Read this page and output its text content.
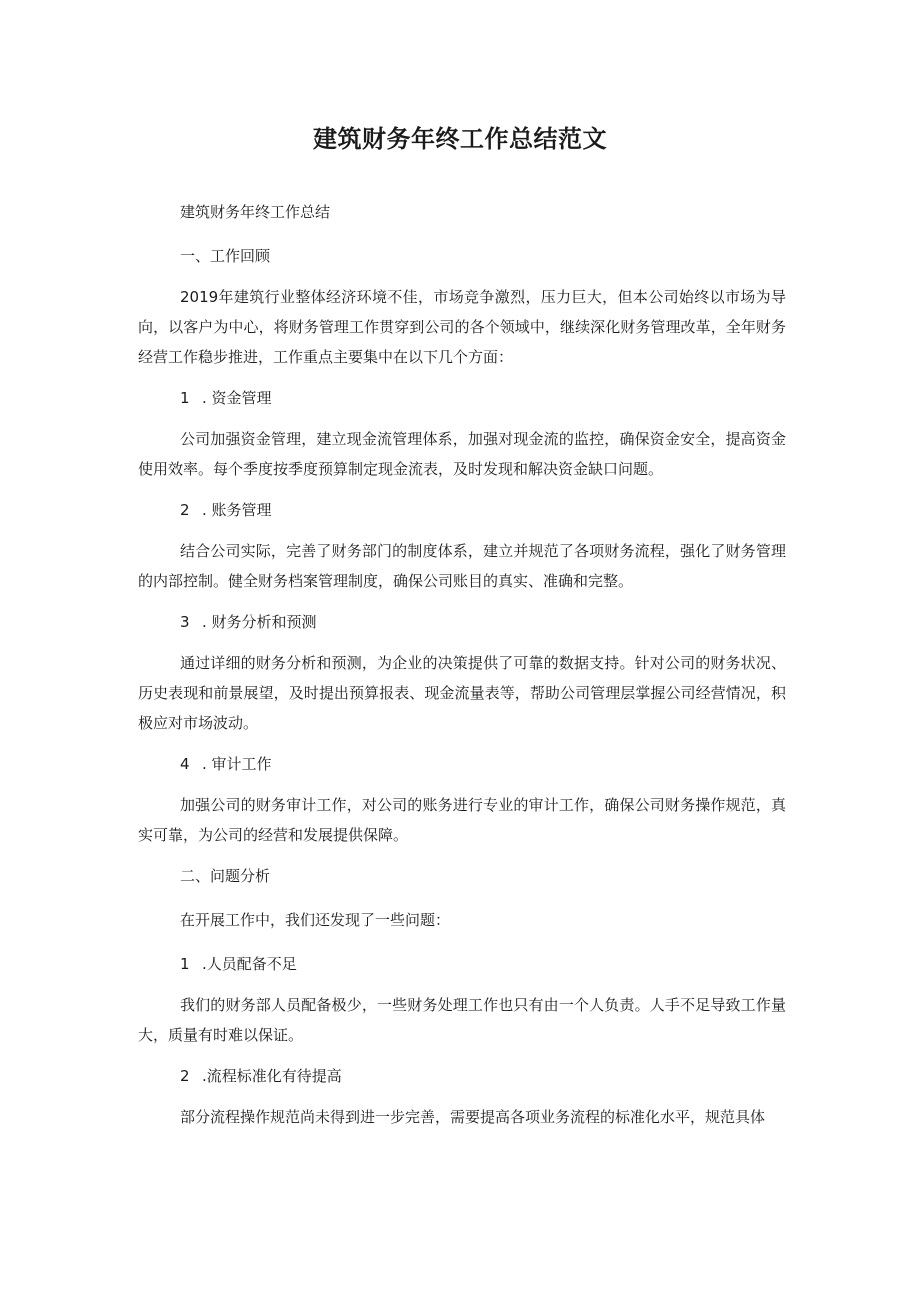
建筑财务年终工作总结范文

建筑财务年终工作总结

一、工作回顾

2019年建筑行业整体经济环境不佳，市场竞争激烈，压力巨大，但本公司始终以市场为导向，以客户为中心，将财务管理工作贯穿到公司的各个领域中，继续深化财务管理改革，全年财务经营工作稳步推进，工作重点主要集中在以下几个方面：

1 . 资金管理

公司加强资金管理，建立现金流管理体系，加强对现金流的监控，确保资金安全，提高资金使用效率。每个季度按季度预算制定现金流表，及时发现和解决资金缺口问题。

2 . 账务管理

结合公司实际，完善了财务部门的制度体系，建立并规范了各项财务流程，强化了财务管理的内部控制。健全财务档案管理制度，确保公司账目的真实、准确和完整。

3 . 财务分析和预测

通过详细的财务分析和预测，为企业的决策提供了可靠的数据支持。针对公司的财务状况、历史表现和前景展望，及时提出预算报表、现金流量表等，帮助公司管理层掌握公司经营情况，积极应对市场波动。

4 . 审计工作

加强公司的财务审计工作，对公司的账务进行专业的审计工作，确保公司财务操作规范，真实可靠，为公司的经营和发展提供保障。

二、问题分析

在开展工作中，我们还发现了一些问题：

1 .人员配备不足

我们的财务部人员配备极少，一些财务处理工作也只有由一个人负责。人手不足导致工作量大，质量有时难以保证。

2 .流程标准化有待提高

部分流程操作规范尚未得到进一步完善，需要提高各项业务流程的标准化水平，规范具体
